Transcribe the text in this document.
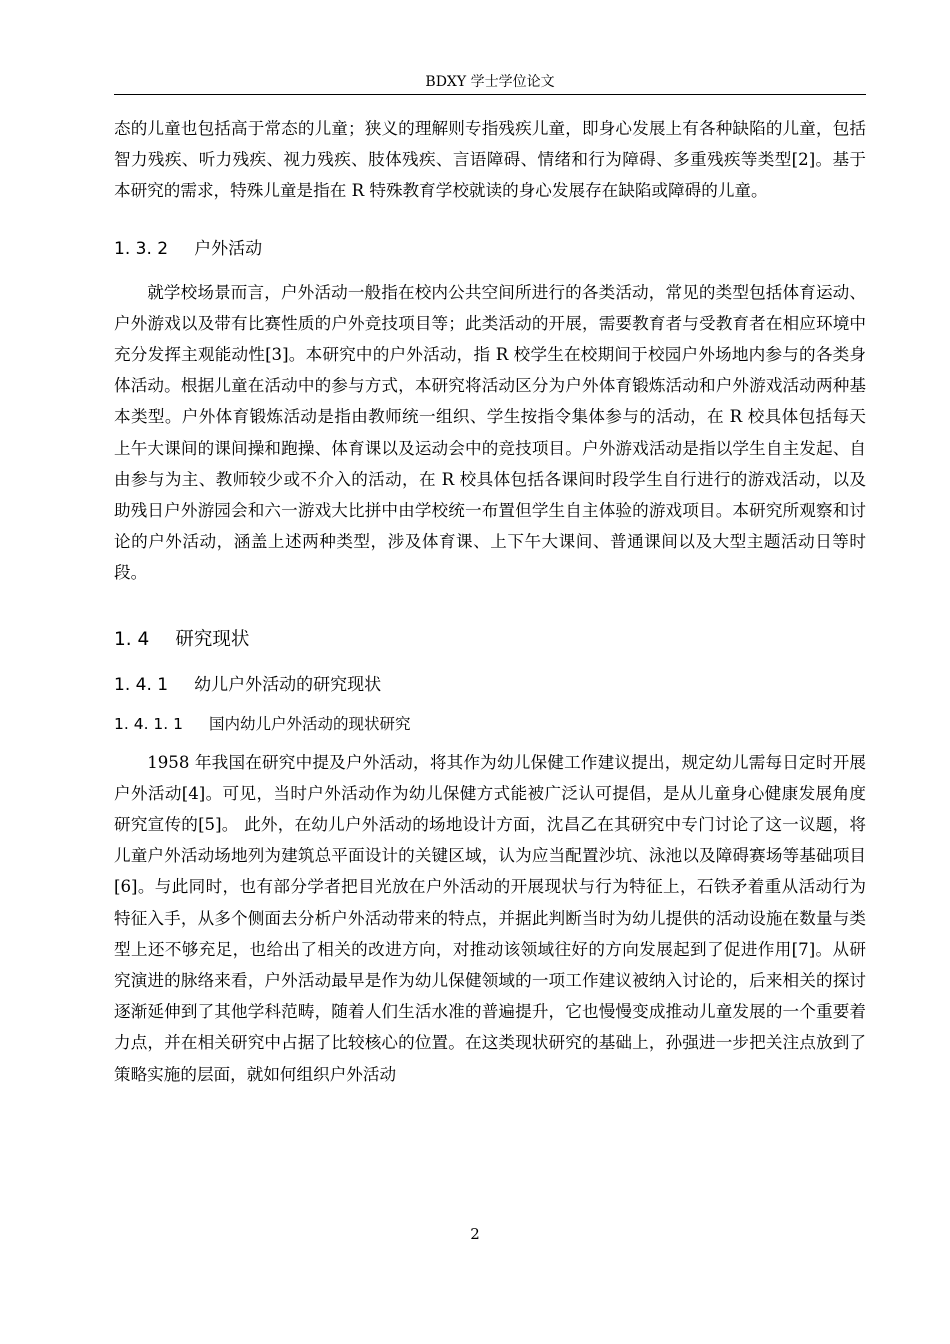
BDXY 学士学位论文

态的儿童也包括高于常态的儿童；狭义的理解则专指残疾儿童，即身心发展上有各种缺陷的儿童，包括智力残疾、听力残疾、视力残疾、肢体残疾、言语障碍、情绪和行为障碍、多重残疾等类型[2]。基于本研究的需求，特殊儿童是指在 R 特殊教育学校就读的身心发展存在缺陷或障碍的儿童。

1. 3. 2 户外活动

就学校场景而言，户外活动一般指在校内公共空间所进行的各类活动，常见的类型包括体育运动、户外游戏以及带有比赛性质的户外竞技项目等；此类活动的开展，需要教育者与受教育者在相应环境中充分发挥主观能动性[3]。本研究中的户外活动，指 R 校学生在校期间于校园户外场地内参与的各类身体活动。根据儿童在活动中的参与方式，本研究将活动区分为户外体育锻炼活动和户外游戏活动两种基本类型。户外体育锻炼活动是指由教师统一组织、学生按指令集体参与的活动，在 R 校具体包括每天上午大课间的课间操和跑操、体育课以及运动会中的竞技项目。户外游戏活动是指以学生自主发起、自由参与为主、教师较少或不介入的活动，在 R 校具体包括各课间时段学生自行进行的游戏活动，以及助残日户外游园会和六一游戏大比拼中由学校统一布置但学生自主体验的游戏项目。本研究所观察和讨论的户外活动，涵盖上述两种类型，涉及体育课、上下午大课间、普通课间以及大型主题活动日等时段。

1. 4 研究现状
1. 4. 1 幼儿户外活动的研究现状
1. 4. 1. 1 国内幼儿户外活动的现状研究

1958 年我国在研究中提及户外活动，将其作为幼儿保健工作建议提出，规定幼儿需每日定时开展户外活动[4]。可见，当时户外活动作为幼儿保健方式能被广泛认可提倡，是从儿童身心健康发展角度研究宣传的[5]。 此外，在幼儿户外活动的场地设计方面，沈昌乙在其研究中专门讨论了这一议题，将儿童户外活动场地列为建筑总平面设计的关键区域，认为应当配置沙坑、泳池以及障碍赛场等基础项目[6]。与此同时，也有部分学者把目光放在户外活动的开展现状与行为特征上，石铁矛着重从活动行为特征入手，从多个侧面去分析户外活动带来的特点，并据此判断当时为幼儿提供的活动设施在数量与类型上还不够充足，也给出了相关的改进方向，对推动该领域往好的方向发展起到了促进作用[7]。从研究演进的脉络来看，户外活动最早是作为幼儿保健领域的一项工作建议被纳入讨论的，后来相关的探讨逐渐延伸到了其他学科范畴，随着人们生活水准的普遍提升，它也慢慢变成推动儿童发展的一个重要着力点，并在相关研究中占据了比较核心的位置。在这类现状研究的基础上，孙强进一步把关注点放到了策略实施的层面，就如何组织户外活动

2
